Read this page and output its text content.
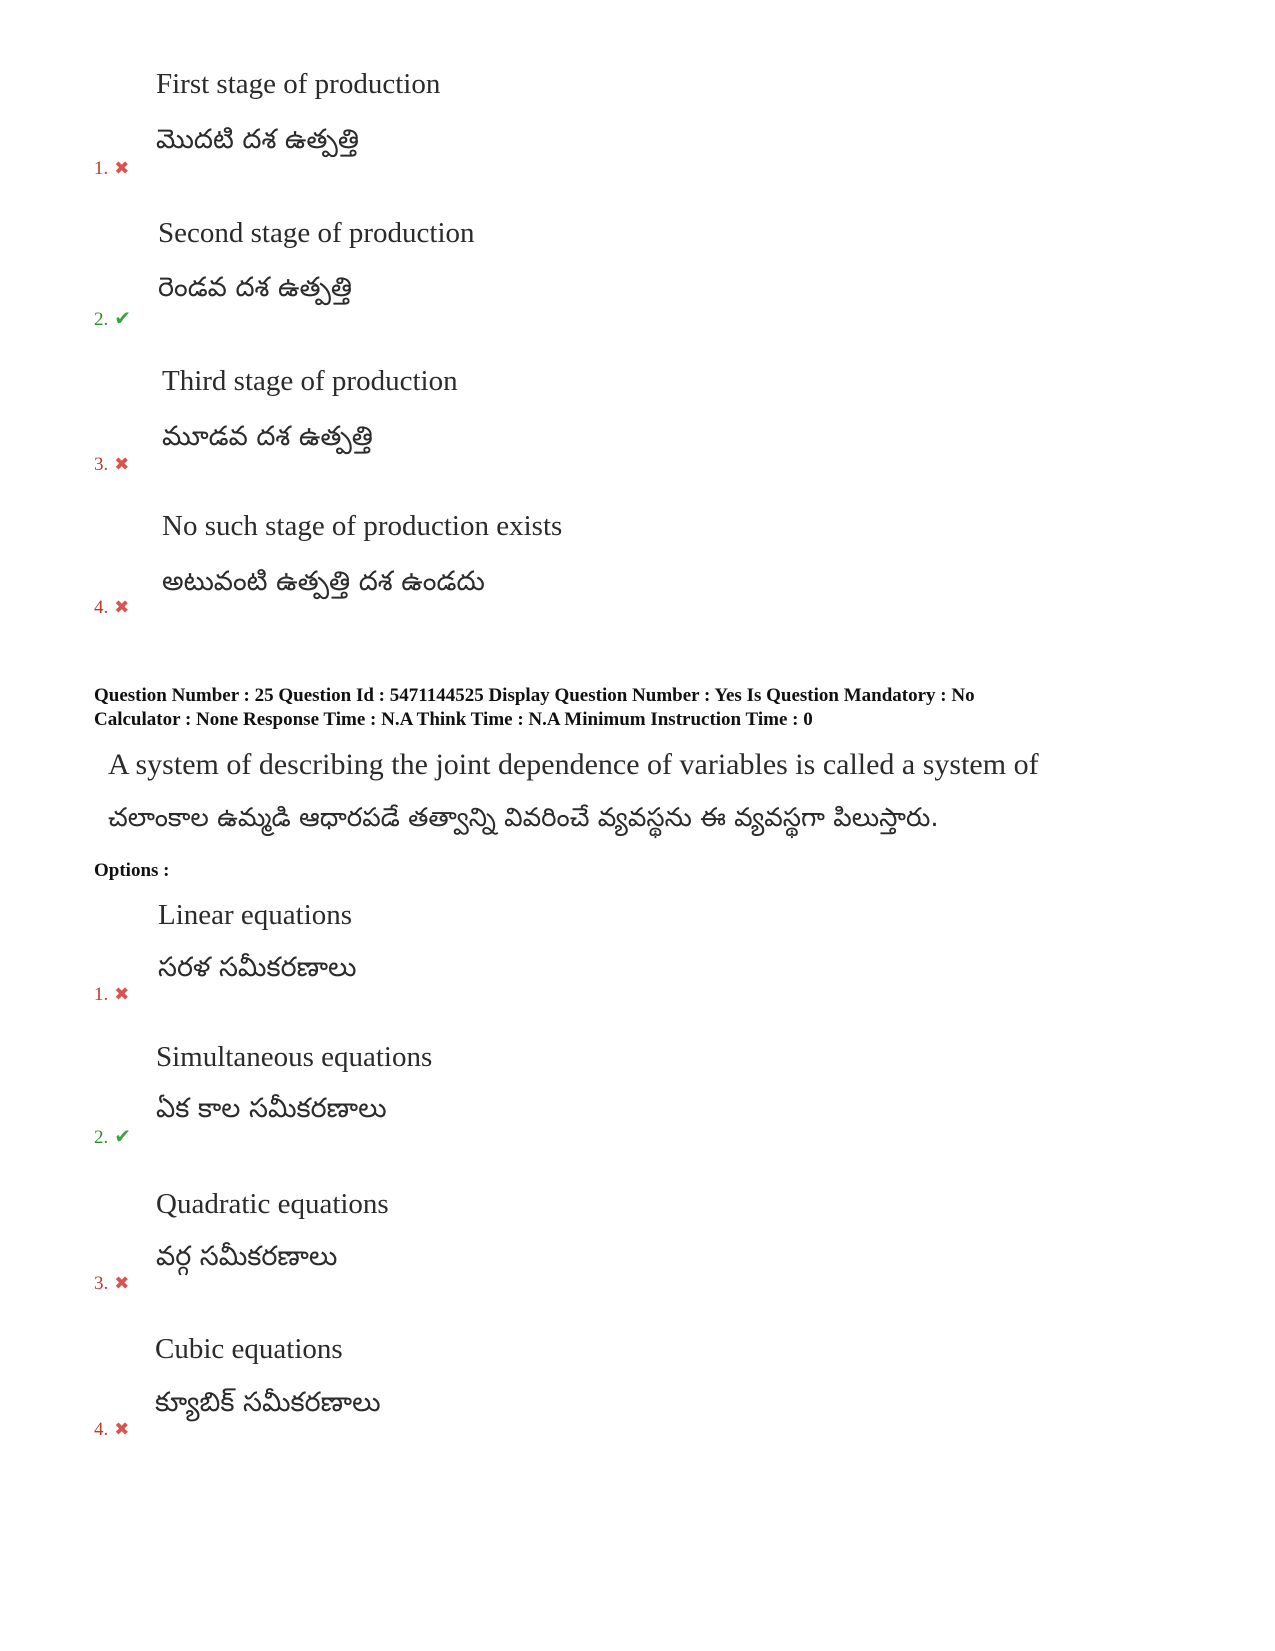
First stage of production
మొదటి దశ ఉత్పత్తి
1. ✖
Second stage of production
రెండవ దశ ఉత్పత్తి
2. ✔
Third stage of production
మూడవ దశ ఉత్పత్తి
3. ✖
No such stage of production exists
అటువంటి ఉత్పత్తి దశ ఉండదు
4. ✖
Question Number : 25 Question Id : 5471144525 Display Question Number : Yes Is Question Mandatory : No
Calculator : None Response Time : N.A Think Time : N.A Minimum Instruction Time : 0
A system of describing the joint dependence of variables is called a system of
చలాంకాల ఉమ్మడి ఆధారపడే తత్వాన్ని వివరించే వ్యవస్థను ఈ వ్యవస్థగా పిలుస్తారు.
Options :
Linear equations
సరళ సమీకరణాలు
1. ✖
Simultaneous equations
ఏక కాల సమీకరణాలు
2. ✔
Quadratic equations
వర్గ సమీకరణాలు
3. ✖
Cubic equations
క్యూబిక్ సమీకరణాలు
4. ✖
